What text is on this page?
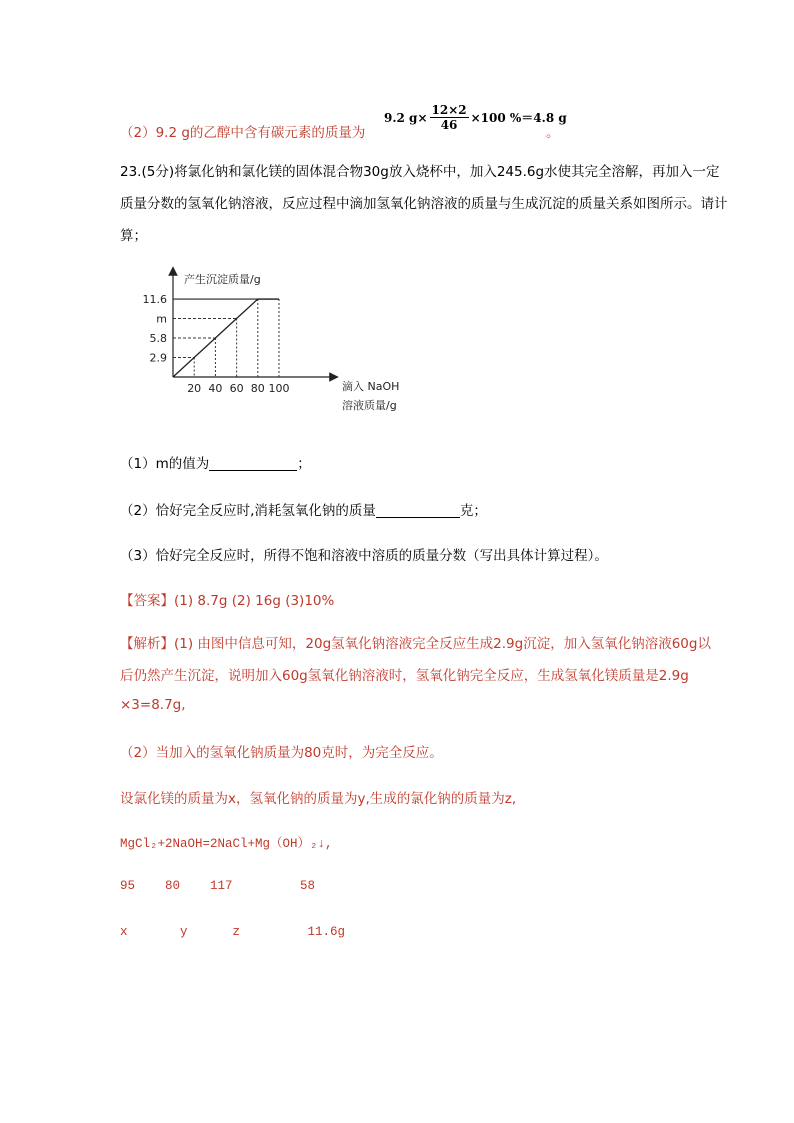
（2）9.2 g的乙醇中含有碳元素的质量为
9.2 $g\times \frac{12\times 2}{46} \times 100$ %＝4.8 g
。
23.(5分)将氯化钠和氯化镁的固体混合物30g放入烧杯中，加入245.6g水使其完全溶解，再加入一定
质量分数的氢氧化钠溶液，反应过程中滴加氢氧化钠溶液的质量与生成沉淀的质量关系如图所示。请计
算；
产生沉淀质量/g
滴入 NaOH
溶液质量/g
20 40 60 80 100
11.6
m
5.8
2.9
（1）m的值为	；
（2）恰好完全反应时,消耗氢氧化钠的质量	克；
（3）恰好完全反应时，所得不饱和溶液中溶质的质量分数（写出具体计算过程）。
【答案】(1) 8.7g (2) 16g (3)10%
【解析】(1) 由图中信息可知，20g氢氧化钠溶液完全反应生成2.9g沉淀，加入氢氧化钠溶液60g以
后仍然产生沉淀，说明加入60g氢氧化钠溶液时，氢氧化钠完全反应，生成氢氧化镁质量是2.9g
×3=8.7g,
（2）当加入的氢氧化钠质量为80克时，为完全反应。
设氯化镁的质量为x，氢氧化钠的质量为y,生成的氯化钠的质量为z,
MgCl₂+2NaOH=2NaCl+Mg（OH）₂↓,
95    80    117         58
x       y      z         11.6g
